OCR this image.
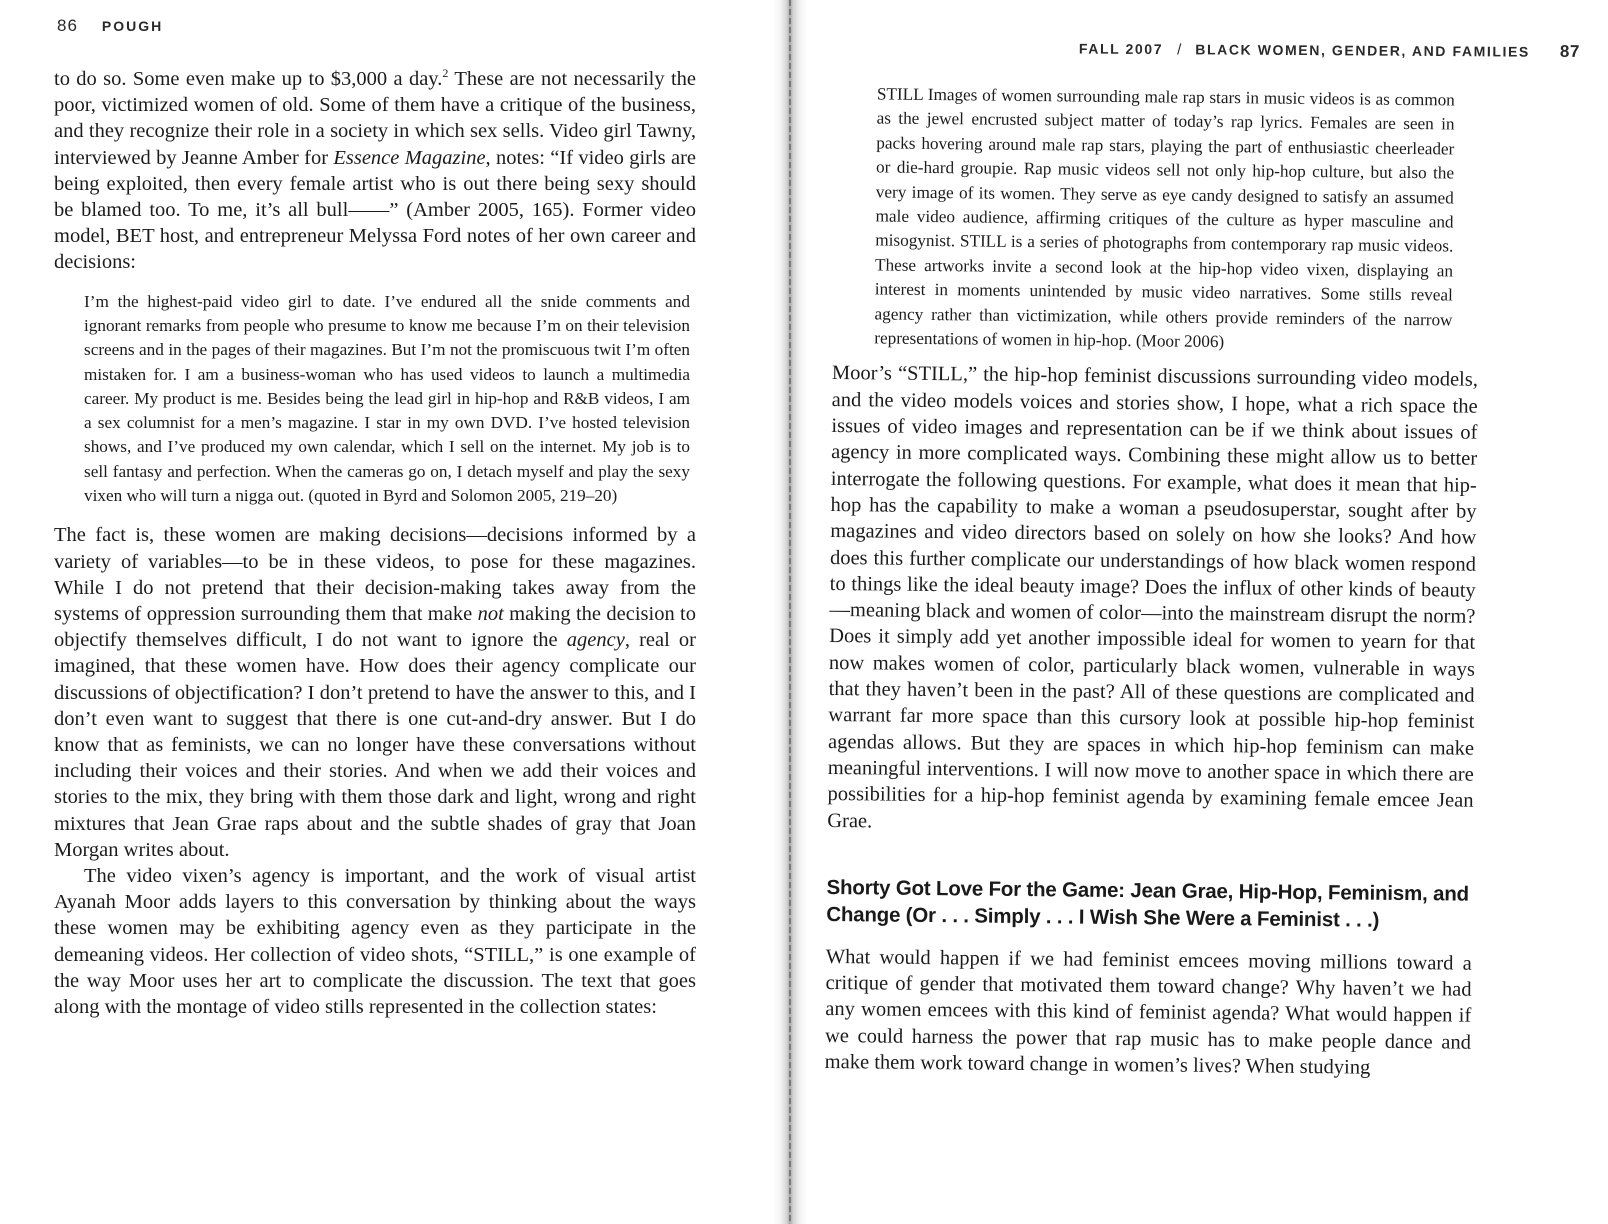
86 POUGH

to do so. Some even make up to $3,000 a day.$^2$ These are not necessarily the poor, victimized women of old. Some of them have a critique of the business, and they recognize their role in a society in which sex sells. Video girl Tawny, interviewed by Jeanne Amber for Essence Magazine, notes: “If video girls are being exploited, then every female artist who is out there being sexy should be blamed too. To me, it’s all bull——” (Amber 2005, 165). Former video model, BET host, and entrepreneur Melyssa Ford notes of her own career and decisions:

I’m the highest-paid video girl to date. I’ve endured all the snide comments and ignorant remarks from people who presume to know me because I’m on their television screens and in the pages of their magazines. But I’m not the promiscuous twit I’m often mistaken for. I am a business-woman who has used videos to launch a multimedia career. My product is me. Besides being the lead girl in hip-hop and R&B videos, I am a sex columnist for a men’s magazine. I star in my own DVD. I’ve hosted television shows, and I’ve produced my own calendar, which I sell on the internet. My job is to sell fantasy and perfection. When the cameras go on, I detach myself and play the sexy vixen who will turn a nigga out. (quoted in Byrd and Solomon 2005, 219–20)

The fact is, these women are making decisions—decisions informed by a variety of variables—to be in these videos, to pose for these magazines. While I do not pretend that their decision-making takes away from the systems of oppression surrounding them that make not making the decision to objectify themselves difficult, I do not want to ignore the agency, real or imagined, that these women have. How does their agency complicate our discussions of objectification? I don’t pretend to have the answer to this, and I don’t even want to suggest that there is one cut-and-dry answer. But I do know that as feminists, we can no longer have these conversations without including their voices and their stories. And when we add their voices and stories to the mix, they bring with them those dark and light, wrong and right mixtures that Jean Grae raps about and the subtle shades of gray that Joan Morgan writes about.

The video vixen’s agency is important, and the work of visual artist Ayanah Moor adds layers to this conversation by thinking about the ways these women may be exhibiting agency even as they participate in the demeaning videos. Her collection of video shots, “STILL,” is one example of the way Moor uses her art to complicate the discussion. The text that goes along with the montage of video stills represented in the collection states:

FALL 2007 / BLACK WOMEN, GENDER, AND FAMILIES 87
STILL Images of women surrounding male rap stars in music videos is as common as the jewel encrusted subject matter of today’s rap lyrics. Females are seen in packs hovering around male rap stars, playing the part of enthusiastic cheerleader or die-hard groupie. Rap music videos sell not only hip-hop culture, but also the very image of its women. They serve as eye candy designed to satisfy an assumed male video audience, affirming critiques of the culture as hyper masculine and misogynist. STILL is a series of photographs from contemporary rap music videos. These artworks invite a second look at the hip-hop video vixen, displaying an interest in moments unintended by music video narratives. Some stills reveal agency rather than victimization, while others provide reminders of the narrow representations of women in hip-hop. (Moor 2006)

Moor’s “STILL,” the hip-hop feminist discussions surrounding video models, and the video models voices and stories show, I hope, what a rich space the issues of video images and representation can be if we think about issues of agency in more complicated ways. Combining these might allow us to better interrogate the following questions. For example, what does it mean that hip-hop has the capability to make a woman a pseudosuperstar, sought after by magazines and video directors based on solely on how she looks? And how does this further complicate our understandings of how black women respond to things like the ideal beauty image? Does the influx of other kinds of beauty—meaning black and women of color—into the mainstream disrupt the norm? Does it simply add yet another impossible ideal for women to yearn for that now makes women of color, particularly black women, vulnerable in ways that they haven’t been in the past? All of these questions are complicated and warrant far more space than this cursory look at possible hip-hop feminist agendas allows. But they are spaces in which hip-hop feminism can make meaningful interventions. I will now move to another space in which there are possibilities for a hip-hop feminist agenda by examining female emcee Jean Grae.

Shorty Got Love For the Game: Jean Grae, Hip-Hop, Feminism, and Change (Or . . . Simply . . . I Wish She Were a Feminist . . .)

What would happen if we had feminist emcees moving millions toward a critique of gender that motivated them toward change? Why haven’t we had any women emcees with this kind of feminist agenda? What would happen if we could harness the power that rap music has to make people dance and make them work toward change in women’s lives? When studying
